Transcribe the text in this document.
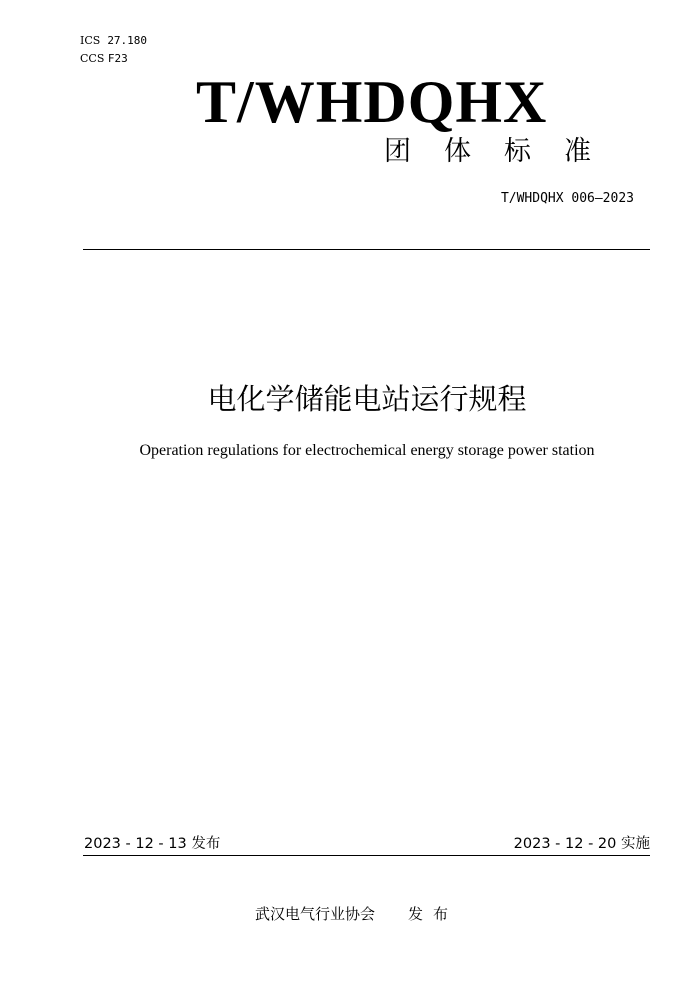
ICS 27.180
CCS F23
T/WHDQHX
团体标准
T/WHDQHX 006—2023
电化学储能电站运行规程
Operation regulations for electrochemical energy storage power station
2023 - 12 - 13 发布	2023 - 12 - 20 实施
武汉电气行业协会 发布
